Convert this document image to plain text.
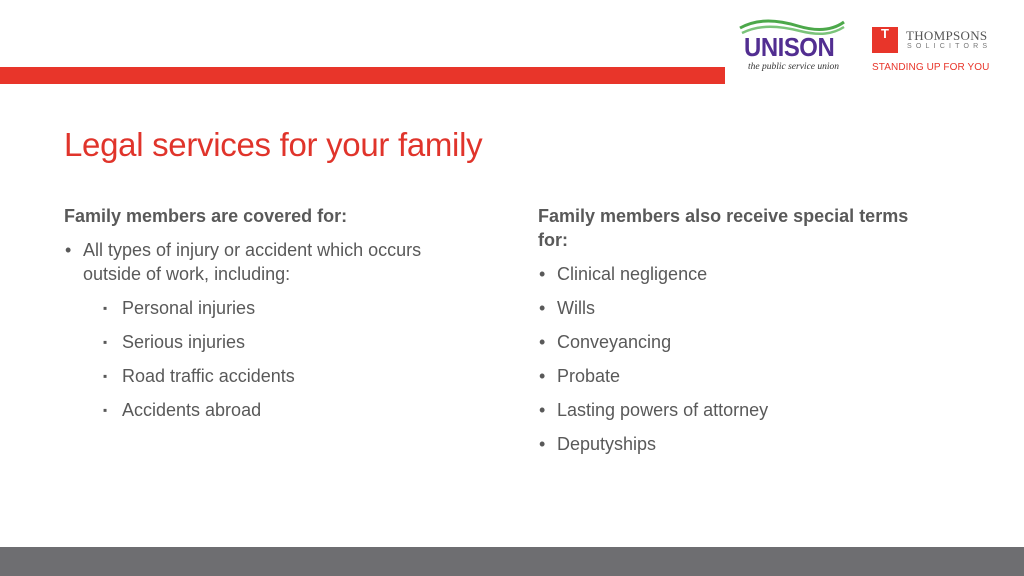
UNISON
the public service union
T	THOMPSONS
SOLICITORS
STANDING UP FOR YOU
Legal services for your family

Family members are covered for:

• All types of injury or accident which occurs outside of work, including:
▪ Personal injuries
▪ Serious injuries
▪ Road traffic accidents
▪ Accidents abroad

Family members also receive special terms for:

• Clinical negligence
• Wills
• Conveyancing
• Probate
• Lasting powers of attorney
• Deputyships
